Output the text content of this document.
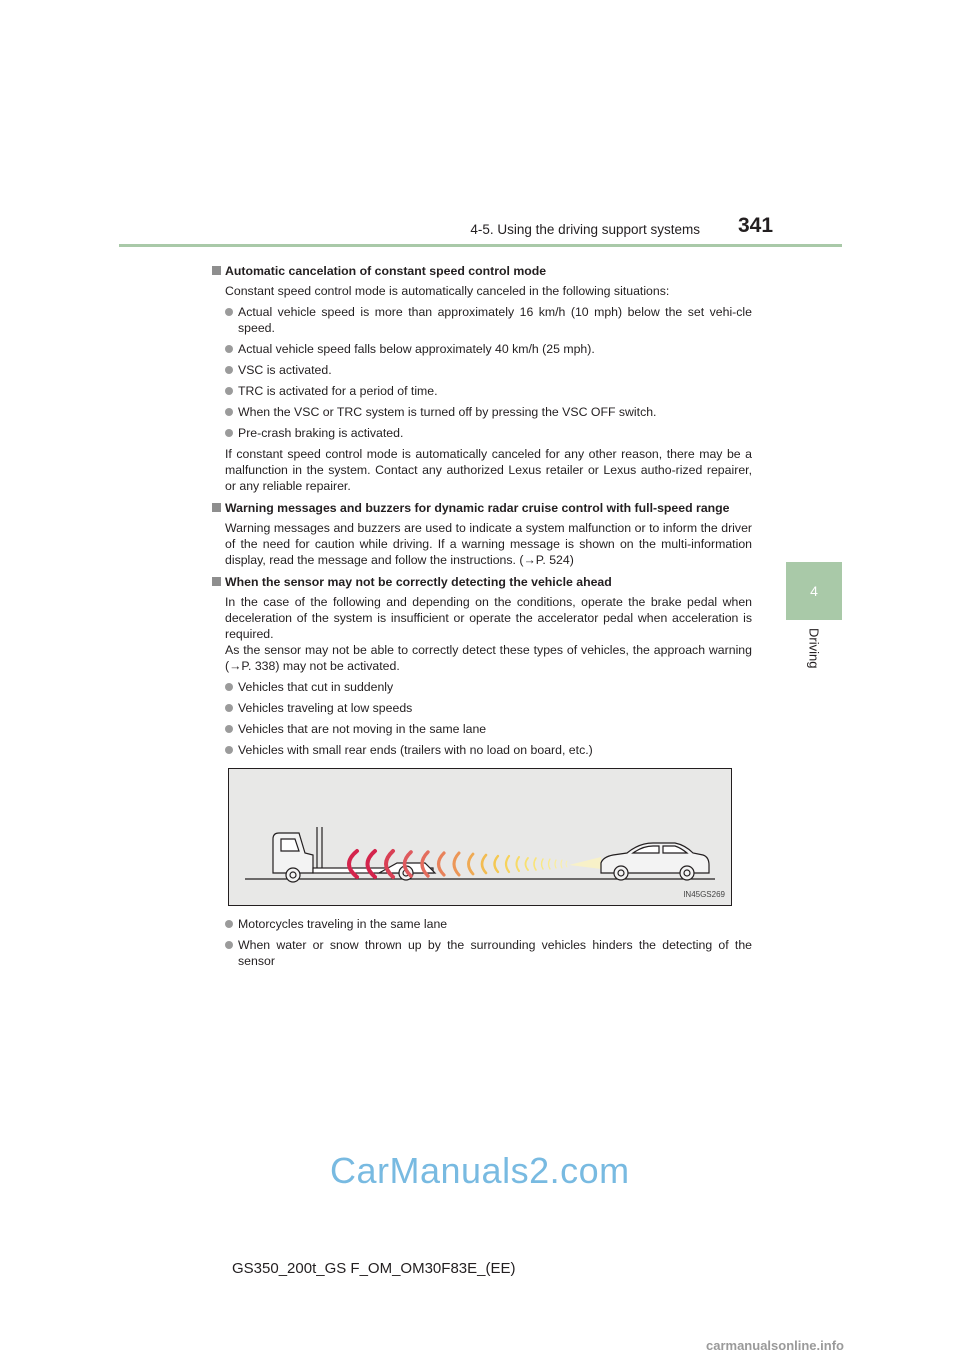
4-5. Using the driving support systems 341
4
Driving
Automatic cancelation of constant speed control mode
Constant speed control mode is automatically canceled in the following situations:
Actual vehicle speed is more than approximately 16 km/h (10 mph) below the set vehi-cle speed.
Actual vehicle speed falls below approximately 40 km/h (25 mph).
VSC is activated.
TRC is activated for a period of time.
When the VSC or TRC system is turned off by pressing the VSC OFF switch.
Pre-crash braking is activated.
If constant speed control mode is automatically canceled for any other reason, there may be a malfunction in the system. Contact any authorized Lexus retailer or Lexus autho-rized repairer, or any reliable repairer.
Warning messages and buzzers for dynamic radar cruise control with full-speed range
Warning messages and buzzers are used to indicate a system malfunction or to inform the driver of the need for caution while driving. If a warning message is shown on the multi-information display, read the message and follow the instructions. (→P. 524)
When the sensor may not be correctly detecting the vehicle ahead
In the case of the following and depending on the conditions, operate the brake pedal when deceleration of the system is insufficient or operate the accelerator pedal when acceleration is required.
As the sensor may not be able to correctly detect these types of vehicles, the approach warning (→P. 338) may not be activated.
Vehicles that cut in suddenly
Vehicles traveling at low speeds
Vehicles that are not moving in the same lane
Vehicles with small rear ends (trailers with no load on board, etc.)
IN45GS269
Motorcycles traveling in the same lane
When water or snow thrown up by the surrounding vehicles hinders the detecting of the sensor
GS350_200t_GS F_OM_OM30F83E_(EE)
CarManuals2.com
carmanualsonline.info
